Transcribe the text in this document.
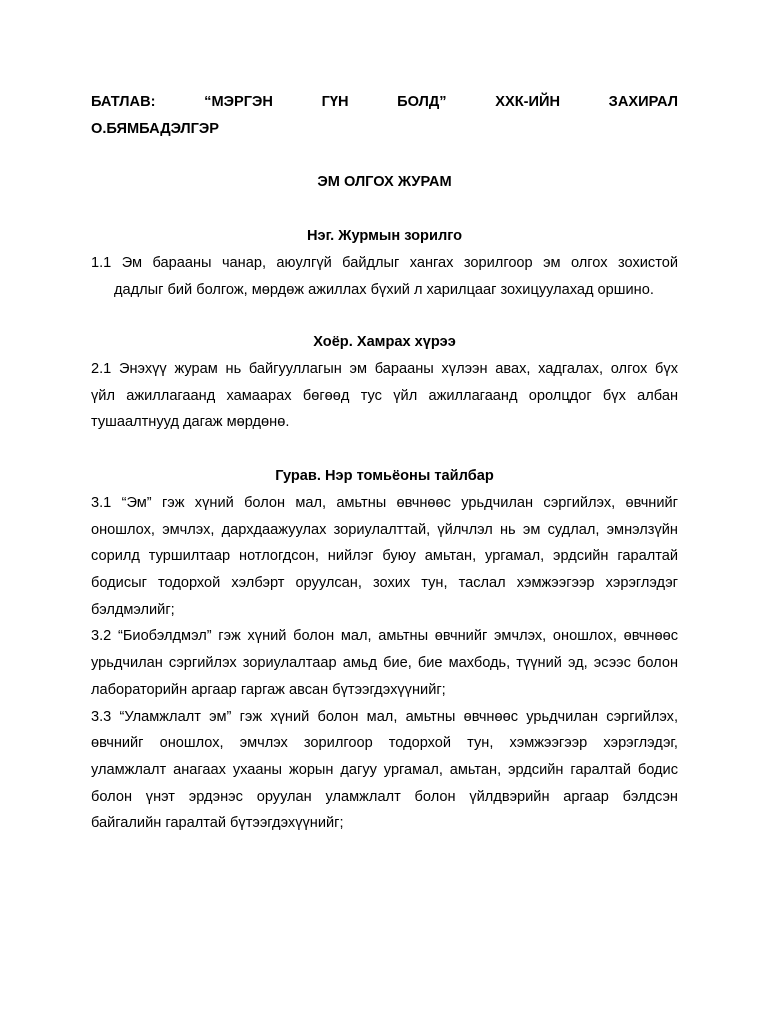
БАТЛАВ: “МЭРГЭН ГҮН БОЛД” ХХК-ИЙН ЗАХИРАЛ
О.БЯМБАДЭЛГЭР
ЭМ ОЛГОХ ЖУРАМ
Нэг. Журмын зорилго
1.1 Эм барааны чанар, аюулгүй байдлыг хангах зорилгоор эм олгох зохистой
дадлыг бий болгож, мөрдөж ажиллах бүхий л харилцааг зохицуулахад оршино.
Хоёр. Хамрах хүрээ
2.1 Энэхүү журам нь байгууллагын эм барааны хүлээн авах, хадгалах, олгох бүх
үйл ажиллагаанд хамаарах бөгөөд тус үйл ажиллагаанд оролцдог бүх албан
тушаалтнууд дагаж мөрдөнө.
Гурав. Нэр томьёоны тайлбар
3.1 “Эм” гэж хүний болон мал, амьтны өвчнөөс урьдчилан сэргийлэх, өвчнийг
оношлох, эмчлэх, дархдаажуулах зориулалттай, үйлчлэл нь эм судлал, эмнэлзүйн
сорилд туршилтаар нотлогдсон, нийлэг буюу амьтан, ургамал, эрдсийн гаралтай
бодисыг тодорхой хэлбэрт оруулсан, зохих тун, таслал хэмжээгээр хэрэглэдэг
бэлдмэлийг;
3.2 “Биобэлдмэл” гэж хүний болон мал, амьтны өвчнийг эмчлэх, оношлох, өвчнөөс
урьдчилан сэргийлэх зориулалтаар амьд бие, бие махбодь, түүний эд, эсээс болон
лабораторийн аргаар гаргаж авсан бүтээгдэхүүнийг;
3.3 “Уламжлалт эм” гэж хүний болон мал, амьтны өвчнөөс урьдчилан сэргийлэх,
өвчнийг оношлох, эмчлэх зорилгоор тодорхой тун, хэмжээгээр хэрэглэдэг,
уламжлалт анагаах ухааны жорын дагуу ургамал, амьтан, эрдсийн гаралтай бодис
болон үнэт эрдэнэс оруулан уламжлалт болон үйлдвэрийн аргаар бэлдсэн
байгалийн гаралтай бүтээгдэхүүнийг;
